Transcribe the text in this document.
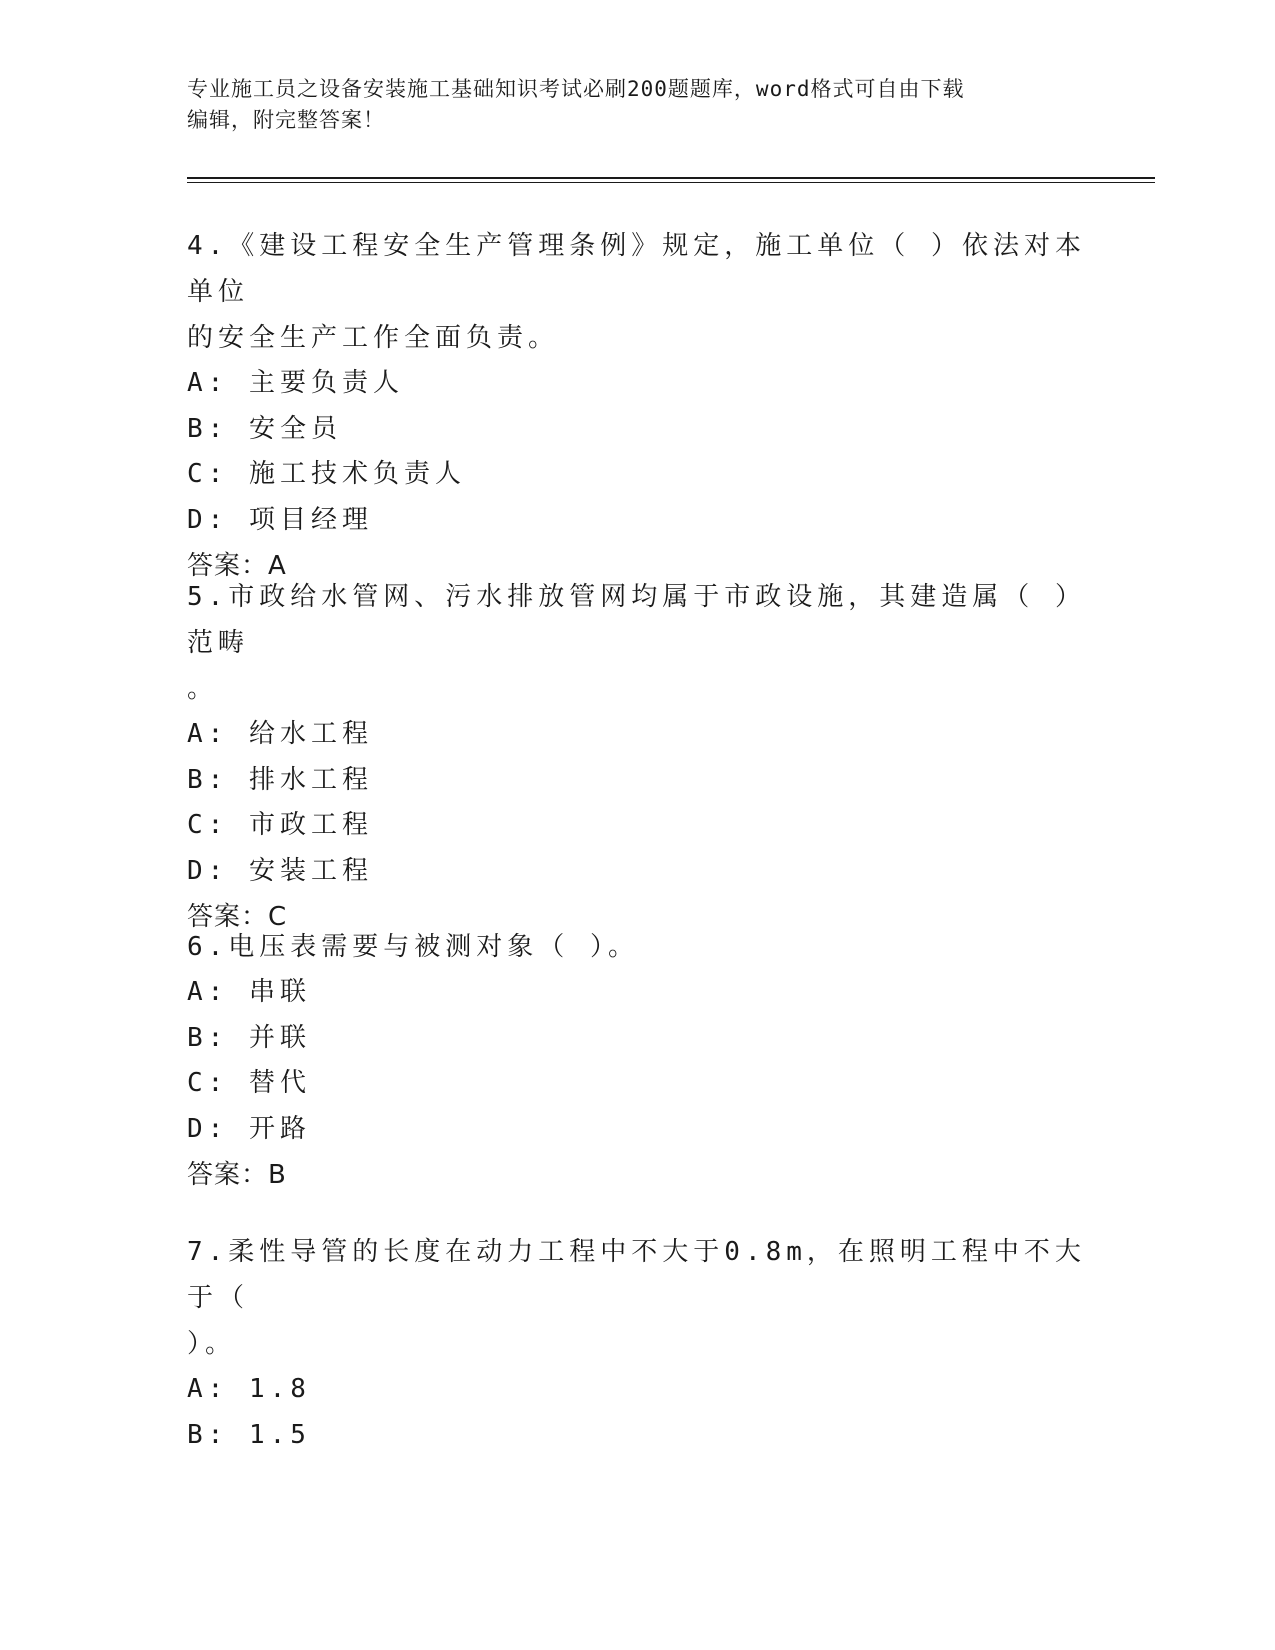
专业施工员之设备安装施工基础知识考试必刷200题题库，word格式可自由下载
编辑，附完整答案！

4.《建设工程安全生产管理条例》规定，施工单位（ ）依法对本单位

的安全生产工作全面负责。

A: 主要负责人

B: 安全员

C: 施工技术负责人

D: 项目经理

答案：A

5.市政给水管网、污水排放管网均属于市政设施，其建造属（ ）范畴

。

A: 给水工程

B: 排水工程

C: 市政工程

D: 安装工程

答案：C

6.电压表需要与被测对象（ ）。

A: 串联

B: 并联

C: 替代

D: 开路

答案：B

7.柔性导管的长度在动力工程中不大于0.8m，在照明工程中不大于（

）。

A: 1.8

B: 1.5
